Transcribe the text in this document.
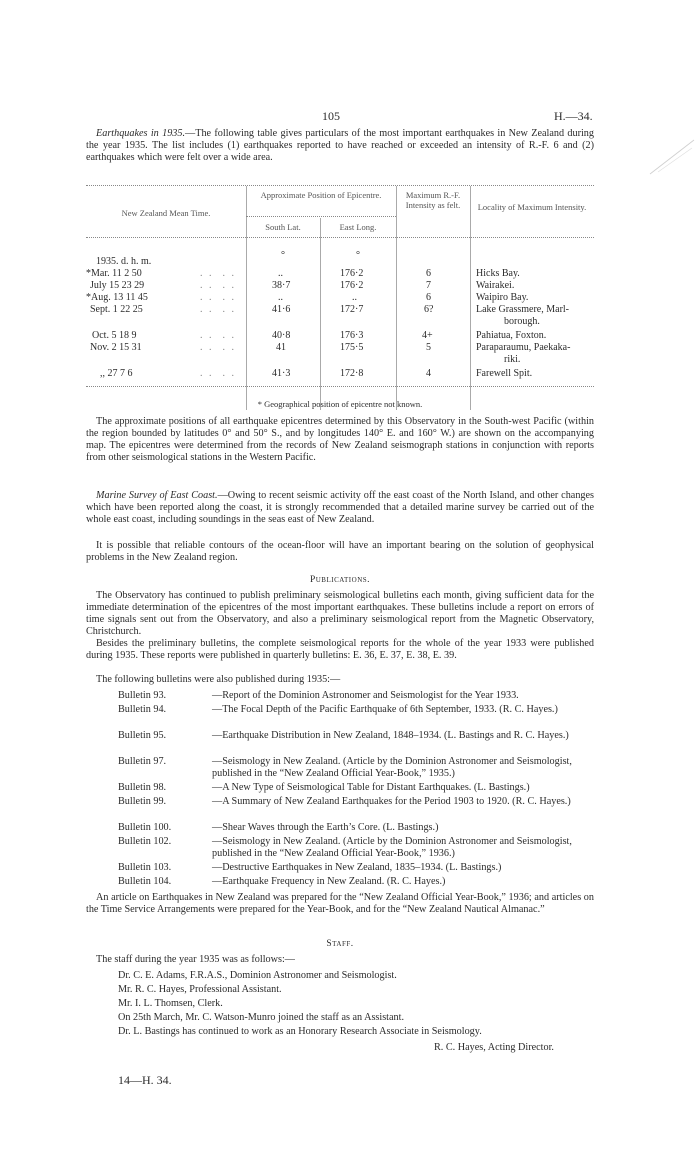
105	H.—34.

Earthquakes in 1935.—The following table gives particulars of the most important earthquakes in New Zealand during the year 1935. The list includes (1) earthquakes reported to have reached or exceeded an intensity of R.-F. 6 and (2) earthquakes which were felt over a wide area.

New Zealand Mean Time.
Approximate Position of Epicentre.
South Lat.	East Long.
Maximum R.-F. Intensity as felt.	Locality of Maximum Intensity.
1935. d. h. m.
°	°
*Mar. 11 2 50	. .  . .	..	176·2	6	Hicks Bay.
July 15 23 29	. .  . .	38·7	176·2	7	Wairakei.
*Aug. 13 11 45	. .  . .	..	..	6	Waipiro Bay.
Sept. 1 22 25	. .  . .	41·6	172·7	6?	Lake Grassmere, Marl-
borough.
Oct. 5 18 9	. .  . .	40·8	176·3	4+	Pahiatua, Foxton.
Nov. 2 15 31	. .  . .	41	175·5	5	Paraparaumu, Paekaka-
riki.
,, 27 7 6	. .  . .	41·3	172·8	4	Farewell Spit.
* Geographical position of epicentre not known.

The approximate positions of all earthquake epicentres determined by this Observatory in the South-west Pacific (within the region bounded by latitudes 0° and 50° S., and by longitudes 140° E. and 160° W.) are shown on the accompanying map. The epicentres were determined from the records of New Zealand seismograph stations in conjunction with reports from other seismological stations in the Western Pacific.

Marine Survey of East Coast.—Owing to recent seismic activity off the east coast of the North Island, and other changes which have been reported along the coast, it is strongly recommended that a detailed marine survey be carried out of the whole east coast, including soundings in the seas east of New Zealand.

It is possible that reliable contours of the ocean-floor will have an important bearing on the solution of geophysical problems in the New Zealand region.

Publications.

The Observatory has continued to publish preliminary seismological bulletins each month, giving sufficient data for the immediate determination of the epicentres of the most important earthquakes. These bulletins include a report on errors of time signals sent out from the Observatory, and also a preliminary seismological report from the Magnetic Observatory, Christchurch.

Besides the preliminary bulletins, the complete seismological reports for the whole of the year 1933 were published during 1935. These reports were published in quarterly bulletins: E. 36, E. 37, E. 38, E. 39.

The following bulletins were also published during 1935:—

Bulletin 93.	—Report of the Dominion Astronomer and Seismologist for the Year 1933.
Bulletin 94.	—The Focal Depth of the Pacific Earthquake of 6th September, 1933. (R. C. Hayes.)
Bulletin 95.	—Earthquake Distribution in New Zealand, 1848–1934. (L. Bastings and R. C. Hayes.)
Bulletin 97.	—Seismology in New Zealand. (Article by the Dominion Astronomer and Seismologist, published in the “New Zealand Official Year-Book,” 1935.)
Bulletin 98.	—A New Type of Seismological Table for Distant Earthquakes. (L. Bastings.)
Bulletin 99.	—A Summary of New Zealand Earthquakes for the Period 1903 to 1920. (R. C. Hayes.)
Bulletin 100.	—Shear Waves through the Earth’s Core. (L. Bastings.)
Bulletin 102.	—Seismology in New Zealand. (Article by the Dominion Astronomer and Seismologist, published in the “New Zealand Official Year-Book,” 1936.)
Bulletin 103.	—Destructive Earthquakes in New Zealand, 1835–1934. (L. Bastings.)
Bulletin 104.	—Earthquake Frequency in New Zealand. (R. C. Hayes.)

An article on Earthquakes in New Zealand was prepared for the “New Zealand Official Year-Book,” 1936; and articles on the Time Service Arrangements were prepared for the Year-Book, and for the “New Zealand Nautical Almanac.”

Staff.

The staff during the year 1935 was as follows:—

Dr. C. E. Adams, F.R.A.S., Dominion Astronomer and Seismologist.
Mr. R. C. Hayes, Professional Assistant.
Mr. I. L. Thomsen, Clerk.
On 25th March, Mr. C. Watson-Munro joined the staff as an Assistant.
Dr. L. Bastings has continued to work as an Honorary Research Associate in Seismology.
R. C. Hayes, Acting Director.
14—H. 34.
